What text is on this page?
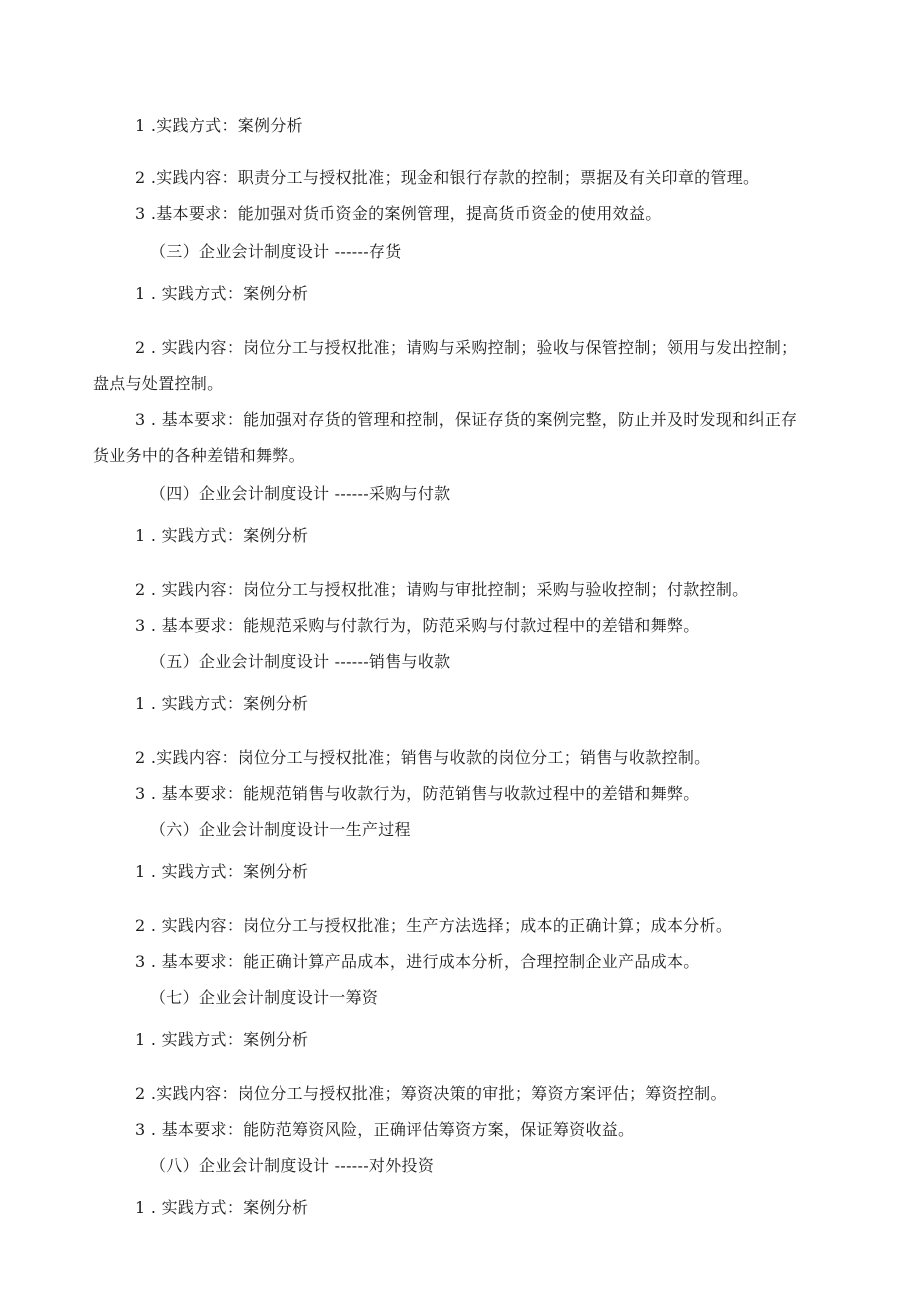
1 .实践方式：案例分析

2 .实践内容：职责分工与授权批准；现金和银行存款的控制；票据及有关印章的管理。

3 .基本要求：能加强对货币资金的案例管理，提高货币资金的使用效益。

（三）企业会计制度设计 ------存货

1 . 实践方式：案例分析

2 . 实践内容：岗位分工与授权批准；请购与采购控制；验收与保管控制；领用与发出控制；

盘点与处置控制。

3 . 基本要求：能加强对存货的管理和控制，保证存货的案例完整，防止并及时发现和纠正存

货业务中的各种差错和舞弊。

（四）企业会计制度设计 ------采购与付款

1 . 实践方式：案例分析

2 . 实践内容：岗位分工与授权批准；请购与审批控制；采购与验收控制；付款控制。

3 . 基本要求：能规范采购与付款行为，防范采购与付款过程中的差错和舞弊。

（五）企业会计制度设计 ------销售与收款

1 . 实践方式：案例分析

2 .实践内容：岗位分工与授权批准；销售与收款的岗位分工；销售与收款控制。

3 . 基本要求：能规范销售与收款行为，防范销售与收款过程中的差错和舞弊。

（六）企业会计制度设计一生产过程

1 . 实践方式：案例分析

2 . 实践内容：岗位分工与授权批准；生产方法选择；成本的正确计算；成本分析。

3 . 基本要求：能正确计算产品成本，进行成本分析，合理控制企业产品成本。

（七）企业会计制度设计一筹资

1 . 实践方式：案例分析

2 .实践内容：岗位分工与授权批准；筹资决策的审批；筹资方案评估；筹资控制。

3 . 基本要求：能防范筹资风险，正确评估筹资方案，保证筹资收益。

（八）企业会计制度设计 ------对外投资

1 . 实践方式：案例分析
